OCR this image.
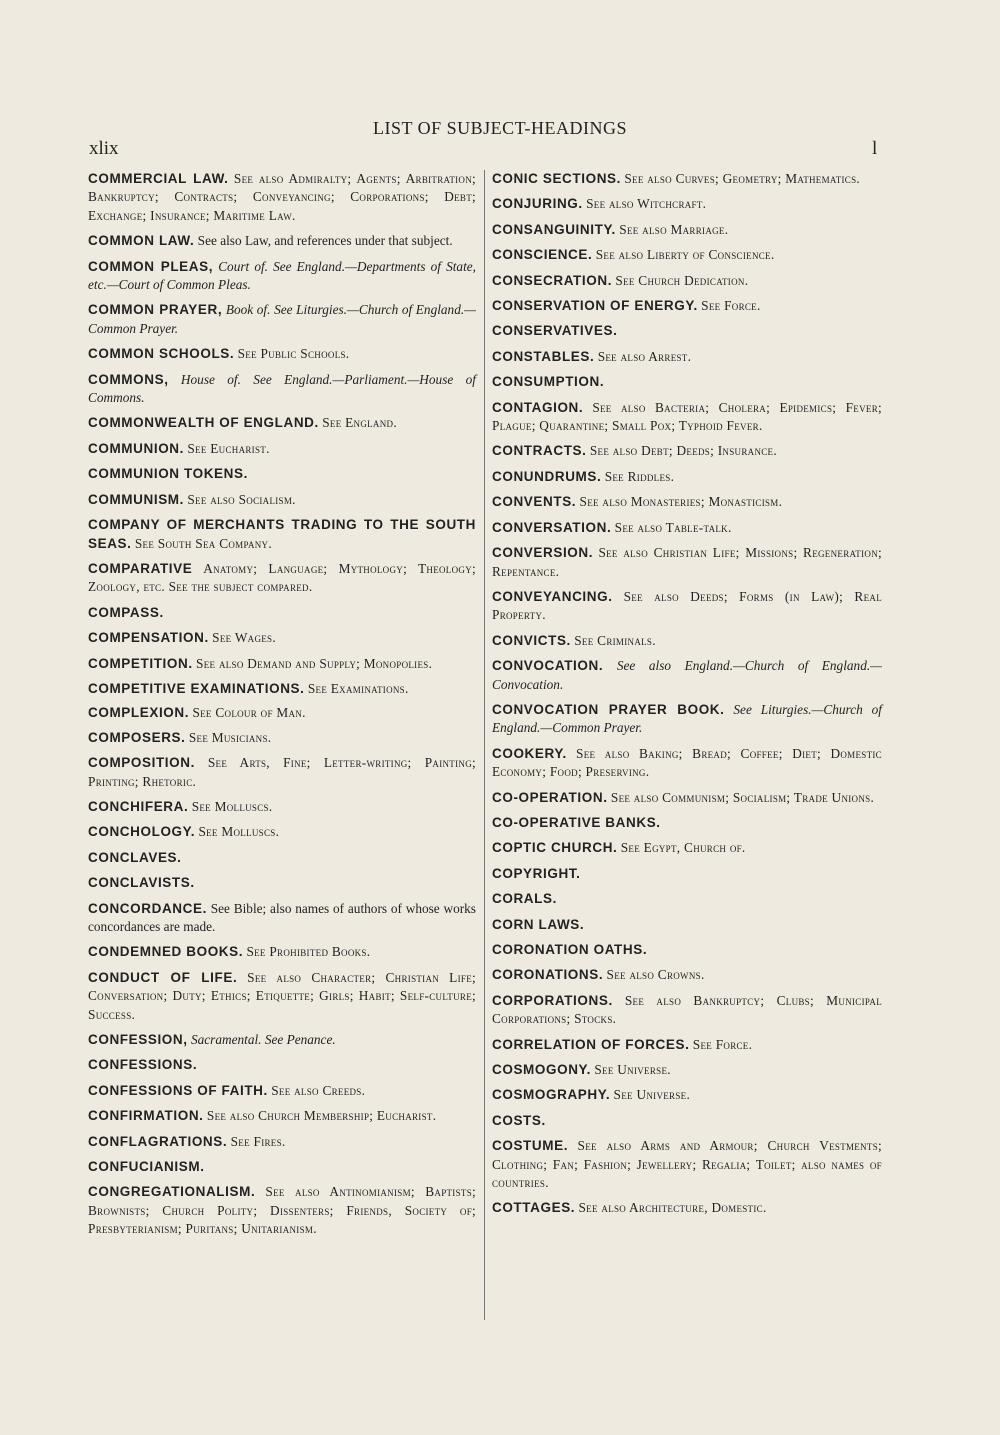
LIST OF SUBJECT-HEADINGS
xlix	l
COMMERCIAL LAW. See also Admiralty; Agents; Arbitration; Bankruptcy; Contracts; Conveyancing; Corporations; Debt; Exchange; Insurance; Maritime Law.
COMMON LAW. See also Law, and references under that subject.
COMMON PLEAS, Court of. See England.—Departments of State, etc.—Court of Common Pleas.
COMMON PRAYER, Book of. See Liturgies.—Church of England.—Common Prayer.
COMMON SCHOOLS. See Public Schools.
COMMONS, House of. See England.—Parliament.—House of Commons.
COMMONWEALTH OF ENGLAND. See England.
COMMUNION. See Eucharist.
COMMUNION TOKENS.
COMMUNISM. See also Socialism.
COMPANY OF MERCHANTS TRADING TO THE SOUTH SEAS. See South Sea Company.
COMPARATIVE Anatomy; Language; Mythology; Theology; Zoology, etc. See the subject compared.
COMPASS.
COMPENSATION. See Wages.
COMPETITION. See also Demand and Supply; Monopolies.
COMPETITIVE EXAMINATIONS. See Examinations.
COMPLEXION. See Colour of Man.
COMPOSERS. See Musicians.
COMPOSITION. See Arts, Fine; Letter-writing; Painting; Printing; Rhetoric.
CONCHIFERA. See Molluscs.
CONCHOLOGY. See Molluscs.
CONCLAVES.
CONCLAVISTS.
CONCORDANCE. See Bible; also names of authors of whose works concordances are made.
CONDEMNED BOOKS. See Prohibited Books.
CONDUCT OF LIFE. See also Character; Christian Life; Conversation; Duty; Ethics; Etiquette; Girls; Habit; Self-culture; Success.
CONFESSION, Sacramental. See Penance.
CONFESSIONS.
CONFESSIONS OF FAITH. See also Creeds.
CONFIRMATION. See also Church Membership; Eucharist.
CONFLAGRATIONS. See Fires.
CONFUCIANISM.
CONGREGATIONALISM. See also Antinomianism; Baptists; Brownists; Church Polity; Dissenters; Friends, Society of; Presbyterianism; Puritans; Unitarianism.
CONIC SECTIONS. See also Curves; Geometry; Mathematics.
CONJURING. See also Witchcraft.
CONSANGUINITY. See also Marriage.
CONSCIENCE. See also Liberty of Conscience.
CONSECRATION. See Church Dedication.
CONSERVATION OF ENERGY. See Force.
CONSERVATIVES.
CONSTABLES. See also Arrest.
CONSUMPTION.
CONTAGION. See also Bacteria; Cholera; Epidemics; Fever; Plague; Quarantine; Small Pox; Typhoid Fever.
CONTRACTS. See also Debt; Deeds; Insurance.
CONUNDRUMS. See Riddles.
CONVENTS. See also Monasteries; Monasticism.
CONVERSATION. See also Table-talk.
CONVERSION. See also Christian Life; Missions; Regeneration; Repentance.
CONVEYANCING. See also Deeds; Forms (in Law); Real Property.
CONVICTS. See Criminals.
CONVOCATION. See also England.—Church of England.—Convocation.
CONVOCATION PRAYER BOOK. See Liturgies.—Church of England.—Common Prayer.
COOKERY. See also Baking; Bread; Coffee; Diet; Domestic Economy; Food; Preserving.
CO-OPERATION. See also Communism; Socialism; Trade Unions.
CO-OPERATIVE BANKS.
COPTIC CHURCH. See Egypt, Church of.
COPYRIGHT.
CORALS.
CORN LAWS.
CORONATION OATHS.
CORONATIONS. See also Crowns.
CORPORATIONS. See also Bankruptcy; Clubs; Municipal Corporations; Stocks.
CORRELATION OF FORCES. See Force.
COSMOGONY. See Universe.
COSMOGRAPHY. See Universe.
COSTS.
COSTUME. See also Arms and Armour; Church Vestments; Clothing; Fan; Fashion; Jewellery; Regalia; Toilet; also names of countries.
COTTAGES. See also Architecture, Domestic.
